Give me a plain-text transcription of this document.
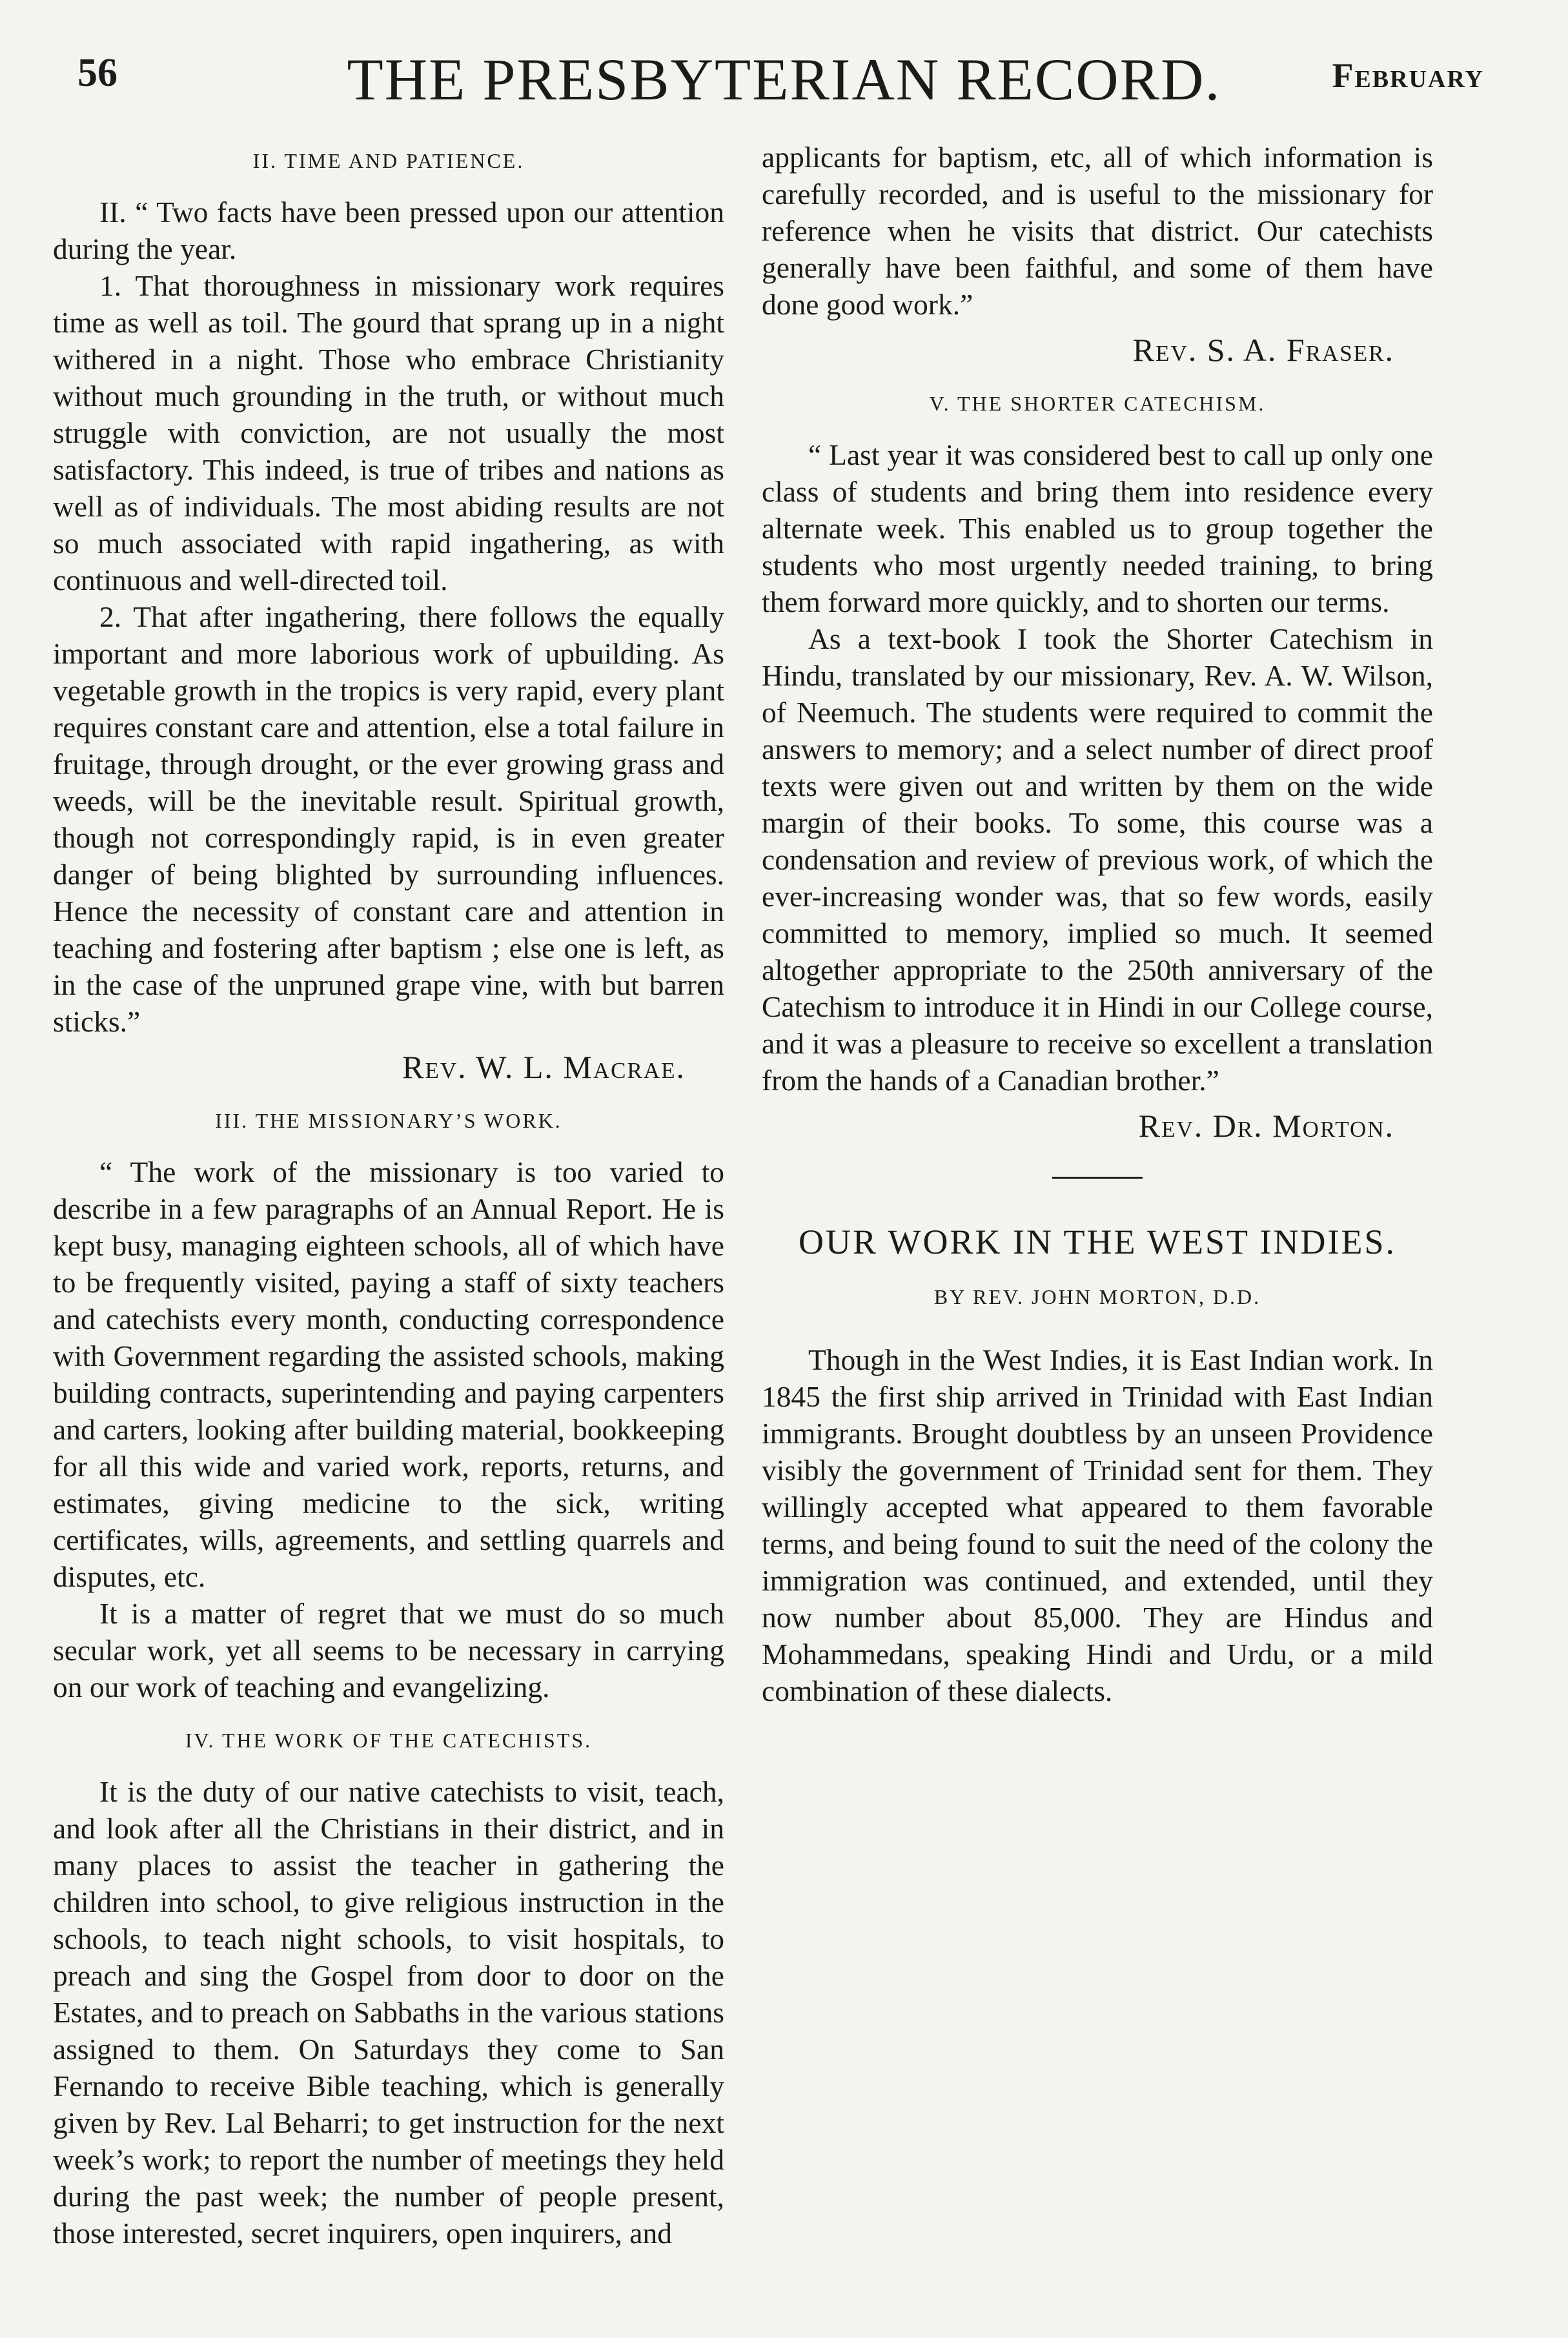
56	THE PRESBYTERIAN RECORD.	February
II. TIME AND PATIENCE.

II. “ Two facts have been pressed upon our attention during the year.

1. That thoroughness in missionary work requires time as well as toil. The gourd that sprang up in a night withered in a night. Those who embrace Christianity without much grounding in the truth, or without much struggle with conviction, are not usually the most satisfactory. This indeed, is true of tribes and nations as well as of individuals. The most abiding results are not so much associated with rapid ingathering, as with continuous and well-directed toil.

2. That after ingathering, there follows the equally important and more laborious work of upbuilding. As vegetable growth in the tropics is very rapid, every plant requires constant care and attention, else a total failure in fruitage, through drought, or the ever growing grass and weeds, will be the inevitable result. Spiritual growth, though not correspondingly rapid, is in even greater danger of being blighted by surrounding influences. Hence the necessity of constant care and attention in teaching and fostering after baptism ; else one is left, as in the case of the unpruned grape vine, with but barren sticks.”

Rev. W. L. Macrae.
III. THE MISSIONARY’S WORK.

“ The work of the missionary is too varied to describe in a few paragraphs of an Annual Report. He is kept busy, managing eighteen schools, all of which have to be frequently visited, paying a staff of sixty teachers and catechists every month, conducting correspondence with Government regarding the assisted schools, making building contracts, superintending and paying carpenters and carters, looking after building material, bookkeeping for all this wide and varied work, reports, returns, and estimates, giving medicine to the sick, writing certificates, wills, agreements, and settling quarrels and disputes, etc.

It is a matter of regret that we must do so much secular work, yet all seems to be necessary in carrying on our work of teaching and evangelizing.

IV. THE WORK OF THE CATECHISTS.

It is the duty of our native catechists to visit, teach, and look after all the Christians in their district, and in many places to assist the teacher in gathering the children into school, to give religious instruction in the schools, to teach night schools, to visit hospitals, to preach and sing the Gospel from door to door on the Estates, and to preach on Sabbaths in the various stations assigned to them. On Saturdays they come to San Fernando to receive Bible teaching, which is generally given by Rev. Lal Beharri; to get instruction for the next week’s work; to report the number of meetings they held during the past week; the number of people present, those interested, secret inquirers, open inquirers, and

applicants for baptism, etc, all of which information is carefully recorded, and is useful to the missionary for reference when he visits that district. Our catechists generally have been faithful, and some of them have done good work.”

Rev. S. A. Fraser.
V. THE SHORTER CATECHISM.

“ Last year it was considered best to call up only one class of students and bring them into residence every alternate week. This enabled us to group together the students who most urgently needed training, to bring them forward more quickly, and to shorten our terms.

As a text-book I took the Shorter Catechism in Hindu, translated by our missionary, Rev. A. W. Wilson, of Neemuch. The students were required to commit the answers to memory; and a select number of direct proof texts were given out and written by them on the wide margin of their books. To some, this course was a condensation and review of previous work, of which the ever-increasing wonder was, that so few words, easily committed to memory, implied so much. It seemed altogether appropriate to the 250th anniversary of the Catechism to introduce it in Hindi in our College course, and it was a pleasure to receive so excellent a translation from the hands of a Canadian brother.”

Rev. Dr. Morton.
OUR WORK IN THE WEST INDIES.
BY REV. JOHN MORTON, D.D.

Though in the West Indies, it is East Indian work. In 1845 the first ship arrived in Trinidad with East Indian immigrants. Brought doubtless by an unseen Providence visibly the government of Trinidad sent for them. They willingly accepted what appeared to them favorable terms, and being found to suit the need of the colony the immigration was continued, and extended, until they now number about 85,000. They are Hindus and Mohammedans, speaking Hindi and Urdu, or a mild combination of these dialects.
